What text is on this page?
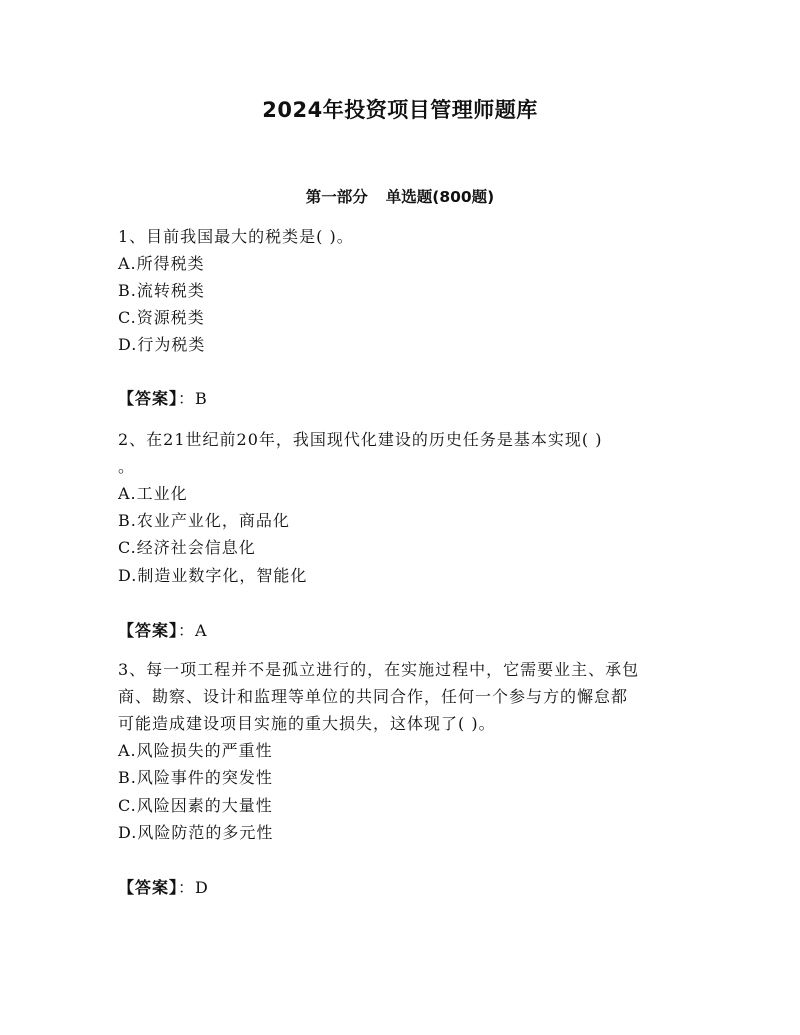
2024年投资项目管理师题库
第一部分 单选题(800题)
1、目前我国最大的税类是( )。
A.所得税类
B.流转税类
C.资源税类
D.行为税类
【答案】：B
2、在21世纪前20年，我国现代化建设的历史任务是基本实现( )
。
A.工业化
B.农业产业化，商品化
C.经济社会信息化
D.制造业数字化，智能化
【答案】：A
3、每一项工程并不是孤立进行的，在实施过程中，它需要业主、承包
商、勘察、设计和监理等单位的共同合作，任何一个参与方的懈怠都
可能造成建设项目实施的重大损失，这体现了( )。
A.风险损失的严重性
B.风险事件的突发性
C.风险因素的大量性
D.风险防范的多元性
【答案】：D
